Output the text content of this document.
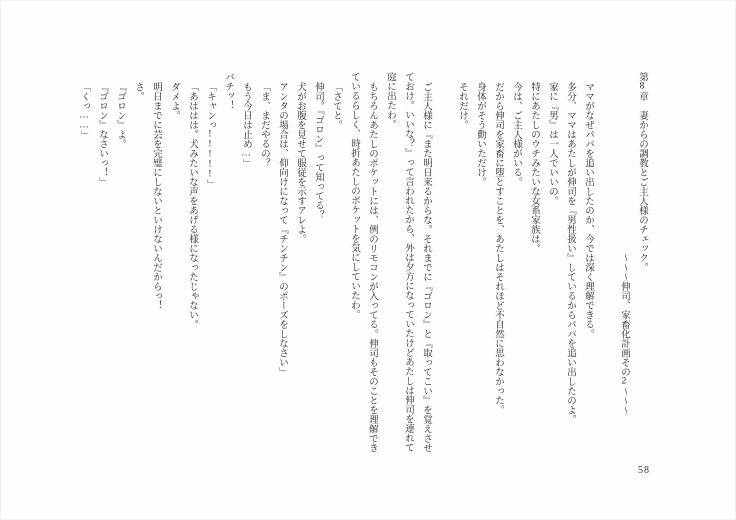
第8章　妻からの調教とご主人様のチェック。
〜〜〜伸司、家畜化計画その2〜〜〜

ママがなぜパパを追い出したのか、今では深く理解できる。
多分、ママはあたしが伸司を『男性扱い』しているからパパを追い出したのよ。
家に『男』は一人でいいの。
特にあたしのウチみたいな女系家族は。
今は、ご主人様がいる。
だから伸司を家畜に堕とすことを、あたしはそれほど不自然に思わなかった。
身体がそう動いただけ。
それだけ。

ご主人様に『また明日来るからな。それまでに『ゴロン』と『取ってこい』を覚えさせ
ておけ。いいな？』って言われたから、外は夕方になっていたけどあたしは伸司を連れて
庭に出たわ。
もちろんあたしのポケットには、例のリモコンが入ってる。伸司もそのことを理解でき
ているらしく、時折あたしのポケットを気にしていたわ。
「さてと。
伸司。『ゴロン』って知ってる？
犬がお腹を見せて服従を示すアレよ。
アンタの場合は、仰向けになって『チンチン』のポーズをしなさい」
「ま、まだやるの？
もう今日は止め…」
バチッ！
「キャンっ!!!!!」
「あははは。犬みたいな声をあげる様になったじゃない。
ダメよ。
明日までに芸を完璧にしないといけないんだからっ！
さ。
『ゴロン』よ。
『ゴロン』なさいっ！」
「くっ……」
58
